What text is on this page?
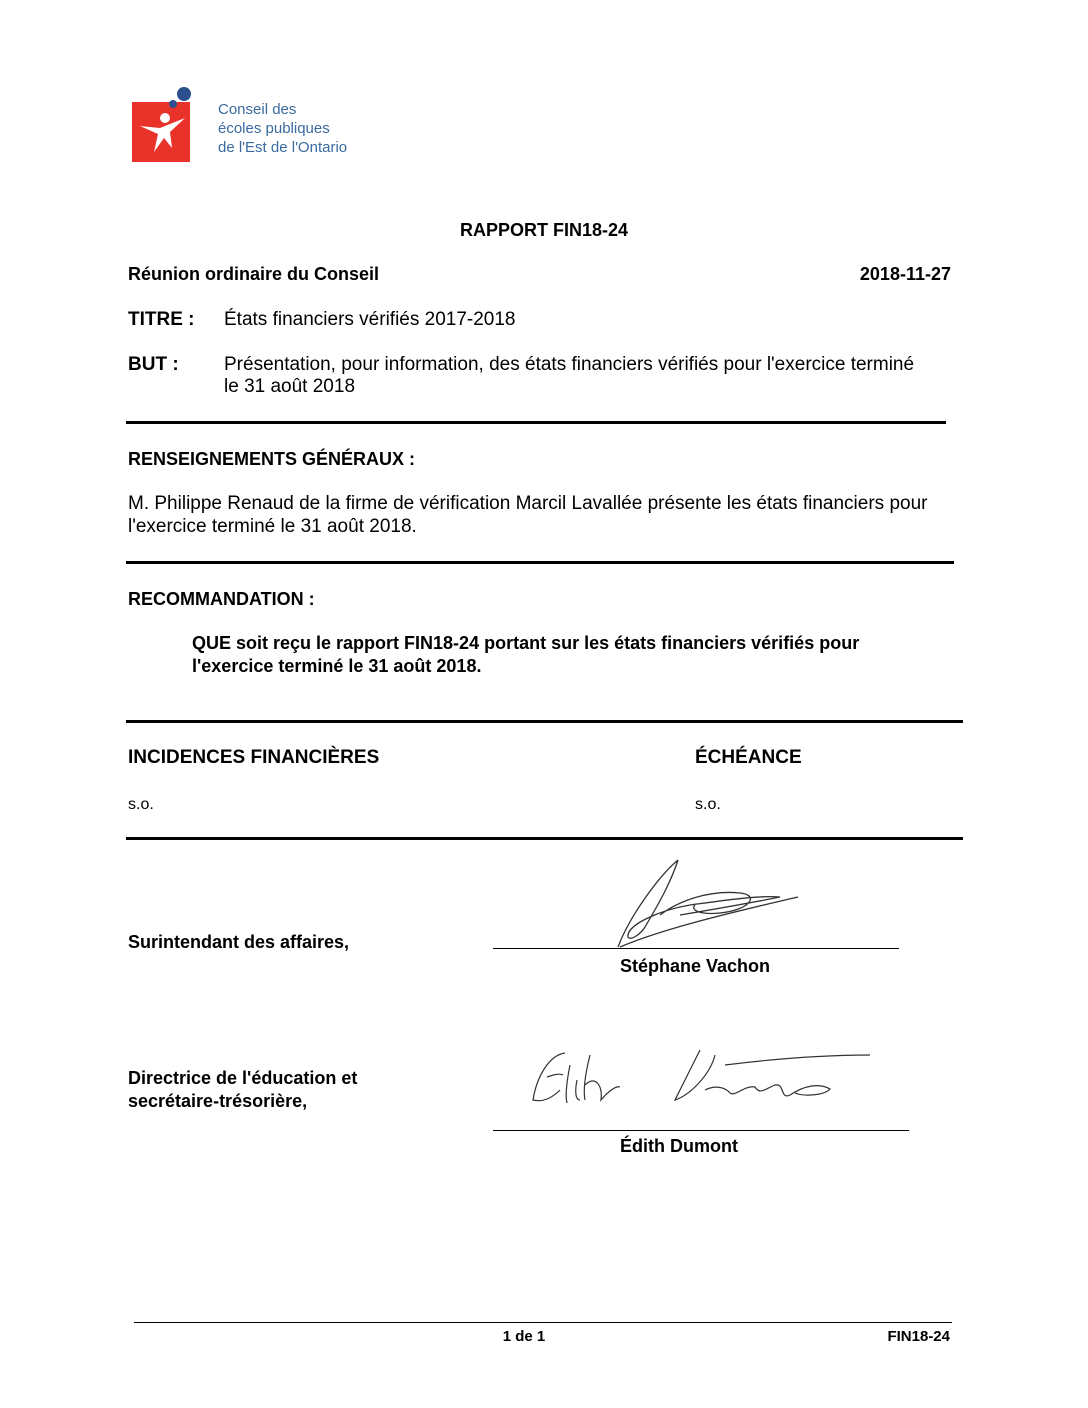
Conseil des
écoles publiques
de l'Est de l'Ontario
RAPPORT FIN18-24
Réunion ordinaire du Conseil	2018-11-27
TITRE : États financiers vérifiés 2017-2018
BUT : Présentation, pour information, des états financiers vérifiés pour l'exercice terminé
le 31 août 2018
RENSEIGNEMENTS GÉNÉRAUX :
M. Philippe Renaud de la firme de vérification Marcil Lavallée présente les états financiers pour
l'exercice terminé le 31 août 2018.
RECOMMANDATION :
QUE soit reçu le rapport FIN18-24 portant sur les états financiers vérifiés pour
l'exercice terminé le 31 août 2018.
INCIDENCES FINANCIÈRES	ÉCHÉANCE
s.o.	s.o.
Surintendant des affaires,
Stéphane Vachon
Directrice de l'éducation et
secrétaire-trésorière,
Édith Dumont
1 de 1	FIN18-24
